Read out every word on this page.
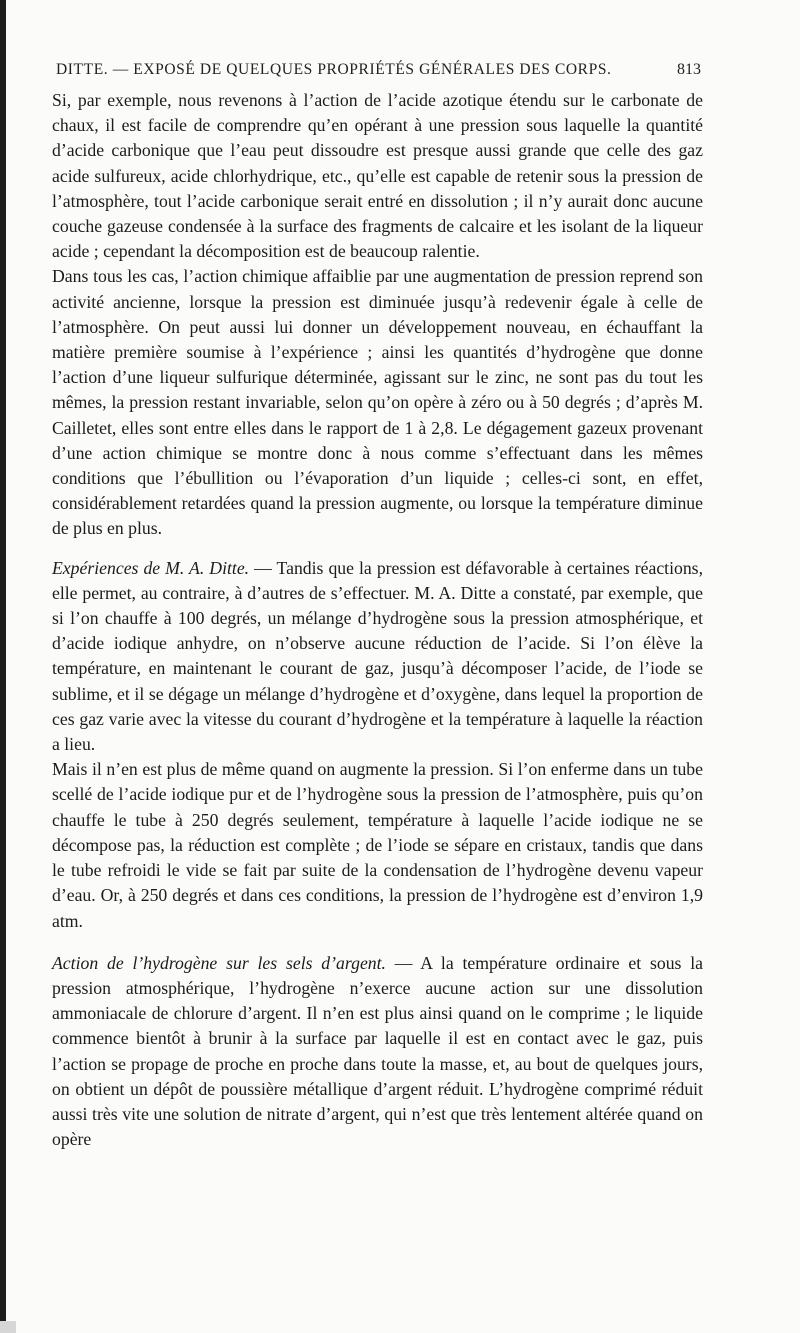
DITTE. — EXPOSÉ DE QUELQUES PROPRIÉTÉS GÉNÉRALES DES CORPS.	813

Si, par exemple, nous revenons à l’action de l’acide azotique étendu sur le carbonate de chaux, il est facile de comprendre qu’en opérant à une pression sous laquelle la quantité d’acide carbonique que l’eau peut dissoudre est presque aussi grande que celle des gaz acide sulfureux, acide chlorhydrique, etc., qu’elle est capable de retenir sous la pression de l’atmosphère, tout l’acide carbonique serait entré en dissolution ; il n’y aurait donc aucune couche gazeuse condensée à la surface des fragments de calcaire et les isolant de la liqueur acide ; cependant la décomposition est de beaucoup ralentie.

Dans tous les cas, l’action chimique affaiblie par une augmentation de pression reprend son activité ancienne, lorsque la pression est diminuée jusqu’à redevenir égale à celle de l’atmosphère. On peut aussi lui donner un développement nouveau, en échauffant la matière première soumise à l’expérience ; ainsi les quantités d’hydrogène que donne l’action d’une liqueur sulfurique déterminée, agissant sur le zinc, ne sont pas du tout les mêmes, la pression restant invariable, selon qu’on opère à zéro ou à 50 degrés ; d’après M. Cailletet, elles sont entre elles dans le rapport de 1 à 2,8. Le dégagement gazeux provenant d’une action chimique se montre donc à nous comme s’effectuant dans les mêmes conditions que l’ébullition ou l’évaporation d’un liquide ; celles-ci sont, en effet, considérablement retardées quand la pression augmente, ou lorsque la température diminue de plus en plus.

Expériences de M. A. Ditte. — Tandis que la pression est défavorable à certaines réactions, elle permet, au contraire, à d’autres de s’effectuer. M. A. Ditte a constaté, par exemple, que si l’on chauffe à 100 degrés, un mélange d’hydrogène sous la pression atmosphérique, et d’acide iodique anhydre, on n’observe aucune réduction de l’acide. Si l’on élève la température, en maintenant le courant de gaz, jusqu’à décomposer l’acide, de l’iode se sublime, et il se dégage un mélange d’hydrogène et d’oxygène, dans lequel la proportion de ces gaz varie avec la vitesse du courant d’hydrogène et la température à laquelle la réaction a lieu.

Mais il n’en est plus de même quand on augmente la pression. Si l’on enferme dans un tube scellé de l’acide iodique pur et de l’hydrogène sous la pression de l’atmosphère, puis qu’on chauffe le tube à 250 degrés seulement, température à laquelle l’acide iodique ne se décompose pas, la réduction est complète ; de l’iode se sépare en cristaux, tandis que dans le tube refroidi le vide se fait par suite de la condensation de l’hydrogène devenu vapeur d’eau. Or, à 250 degrés et dans ces conditions, la pression de l’hydrogène est d’environ 1,9 atm.

Action de l’hydrogène sur les sels d’argent. — A la température ordinaire et sous la pression atmosphérique, l’hydrogène n’exerce aucune action sur une dissolution ammoniacale de chlorure d’argent. Il n’en est plus ainsi quand on le comprime ; le liquide commence bientôt à brunir à la surface par laquelle il est en contact avec le gaz, puis l’action se propage de proche en proche dans toute la masse, et, au bout de quelques jours, on obtient un dépôt de poussière métallique d’argent réduit. L’hydrogène comprimé réduit aussi très vite une solution de nitrate d’argent, qui n’est que très lentement altérée quand on opère
